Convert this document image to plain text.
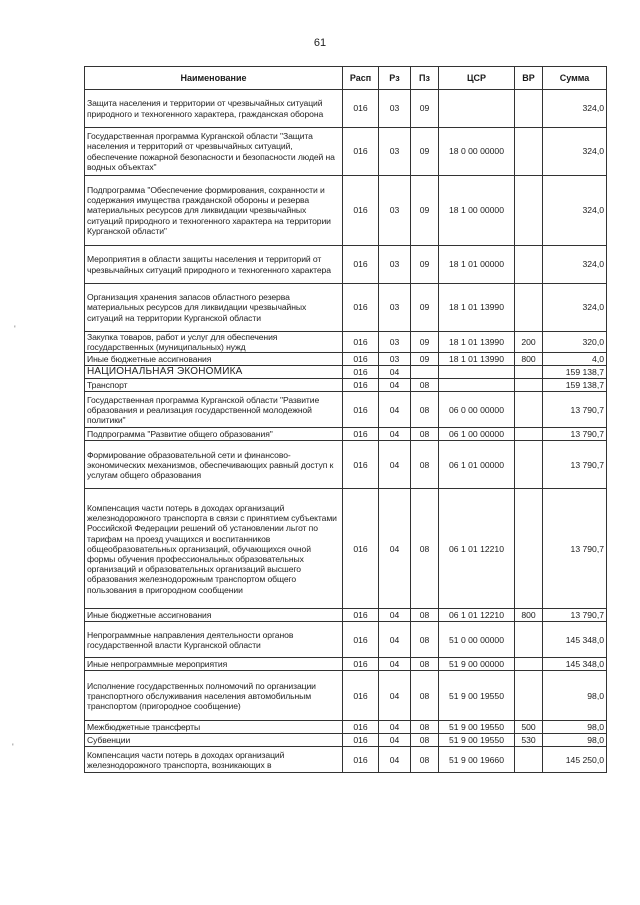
61
Наименование	Расп	Рз	Пз	ЦСР	ВР	Сумма
Защита населения и территории от чрезвычайных ситуаций природного и техногенного характера, гражданская оборона	016	03	09			324,0
Государственная программа Курганской области "Защита населения и территорий от чрезвычайных ситуаций, обеспечение пожарной безопасности и безопасности людей на водных объектах"	016	03	09	18 0 00 00000		324,0
Подпрограмма "Обеспечение формирования, сохранности и содержания имущества гражданской обороны и резерва материальных ресурсов для ликвидации чрезвычайных ситуаций природного и техногенного характера на территории Курганской области"	016	03	09	18 1 00 00000		324,0
Мероприятия в области защиты населения и территорий от чрезвычайных ситуаций природного и техногенного характера	016	03	09	18 1 01 00000		324,0
Организация хранения запасов областного резерва материальных ресурсов для ликвидации чрезвычайных ситуаций на территории Курганской области	016	03	09	18 1 01 13990		324,0
Закупка товаров, работ и услуг для обеспечения государственных (муниципальных) нужд	016	03	09	18 1 01 13990	200	320,0
Иные бюджетные ассигнования	016	03	09	18 1 01 13990	800	4,0
НАЦИОНАЛЬНАЯ ЭКОНОМИКА	016	04				159 138,7
Транспорт	016	04	08			159 138,7
Государственная программа Курганской области "Развитие образования и реализация государственной молодежной политики"	016	04	08	06 0 00 00000		13 790,7
Подпрограмма "Развитие общего образования"	016	04	08	06 1 00 00000		13 790,7
Формирование образовательной сети и финансово-экономических механизмов, обеспечивающих равный доступ к услугам общего образования	016	04	08	06 1 01 00000		13 790,7
Компенсация части потерь в доходах организаций железнодорожного транспорта в связи с принятием субъектами Российской Федерации решений об установлении льгот по тарифам на проезд учащихся и воспитанников общеобразовательных организаций, обучающихся очной формы обучения профессиональных образовательных организаций и образовательных организаций высшего образования железнодорожным транспортом общего пользования в пригородном сообщении	016	04	08	06 1 01 12210		13 790,7
Иные бюджетные ассигнования	016	04	08	06 1 01 12210	800	13 790,7
Непрограммные направления деятельности органов государственной власти Курганской области	016	04	08	51 0 00 00000		145 348,0
Иные непрограммные мероприятия	016	04	08	51 9 00 00000		145 348,0
Исполнение государственных полномочий по организации транспортного обслуживания населения автомобильным транспортом (пригородное сообщение)	016	04	08	51 9 00 19550		98,0
Межбюджетные трансферты	016	04	08	51 9 00 19550	500	98,0
Субвенции	016	04	08	51 9 00 19550	530	98,0
Компенсация части потерь в доходах организаций железнодорожного транспорта, возникающих в	016	04	08	51 9 00 19660		145 250,0
'
'
